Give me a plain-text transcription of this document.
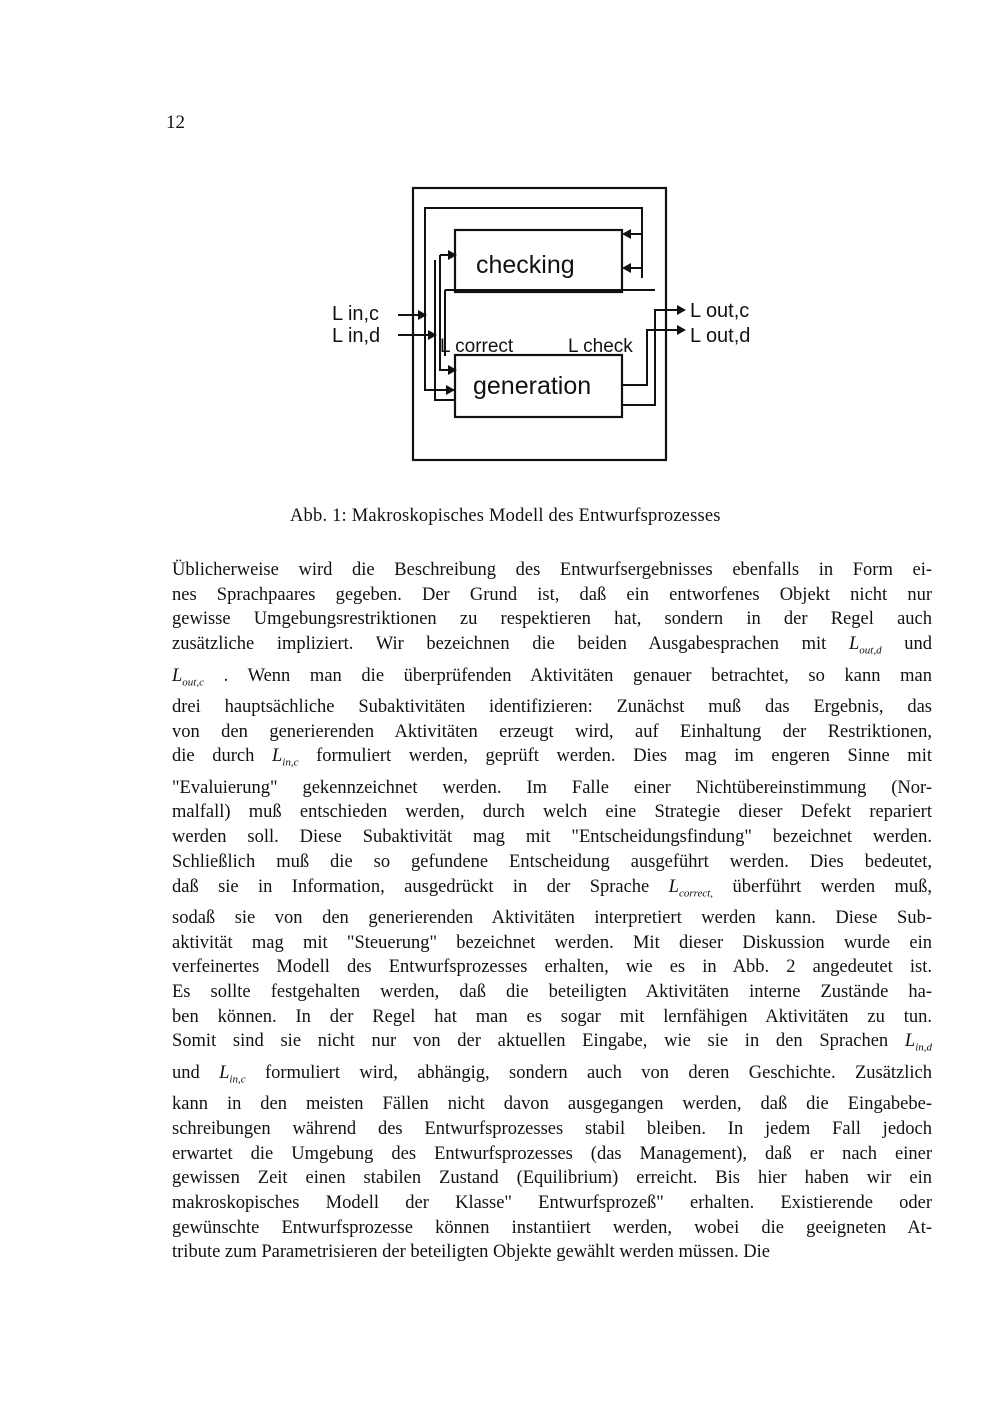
12
checking
generation
L in,c
L in,d
L out,c
L out,d
L correct	L check
Abb. 1: Makroskopisches Modell des Entwurfsprozesses
Üblicherweise wird die Beschreibung des Entwurfsergebnisses ebenfalls in Form ei-
nes Sprachpaares gegeben. Der Grund ist, daß ein entworfenes Objekt nicht nur
gewisse Umgebungsrestriktionen zu respektieren hat, sondern in der Regel auch
zusätzliche impliziert. Wir bezeichnen die beiden Ausgabesprachen mit $L_{out,d}$ und
$L_{out,c}$ . Wenn man die überprüfenden Aktivitäten genauer betrachtet, so kann man
drei hauptsächliche Subaktivitäten identifizieren: Zunächst muß das Ergebnis, das
von den generierenden Aktivitäten erzeugt wird, auf Einhaltung der Restriktionen,
die durch $L_{in,c}$ formuliert werden, geprüft werden. Dies mag im engeren Sinne mit
"Evaluierung" gekennzeichnet werden. Im Falle einer Nichtübereinstimmung (Nor-
malfall) muß entschieden werden, durch welch eine Strategie dieser Defekt repariert
werden soll. Diese Subaktivität mag mit "Entscheidungsfindung" bezeichnet werden.
Schließlich muß die so gefundene Entscheidung ausgeführt werden. Dies bedeutet,
daß sie in Information, ausgedrückt in der Sprache $L_{correct,}$ überführt werden muß,
sodaß sie von den generierenden Aktivitäten interpretiert werden kann. Diese Sub-
aktivität mag mit "Steuerung" bezeichnet werden. Mit dieser Diskussion wurde ein
verfeinertes Modell des Entwurfsprozesses erhalten, wie es in Abb. 2 angedeutet ist.
Es sollte festgehalten werden, daß die beteiligten Aktivitäten interne Zustände ha-
ben können. In der Regel hat man es sogar mit lernfähigen Aktivitäten zu tun.
Somit sind sie nicht nur von der aktuellen Eingabe, wie sie in den Sprachen $L_{in,d}$
und $L_{in,c}$ formuliert wird, abhängig, sondern auch von deren Geschichte. Zusätzlich
kann in den meisten Fällen nicht davon ausgegangen werden, daß die Eingabebe-
schreibungen während des Entwurfsprozesses stabil bleiben. In jedem Fall jedoch
erwartet die Umgebung des Entwurfsprozesses (das Management), daß er nach einer
gewissen Zeit einen stabilen Zustand (Equilibrium) erreicht. Bis hier haben wir ein
makroskopisches Modell der Klasse" Entwurfsprozeß" erhalten. Existierende oder
gewünschte Entwurfsprozesse können instantiiert werden, wobei die geeigneten At-
tribute zum Parametrisieren der beteiligten Objekte gewählt werden müssen. Die
